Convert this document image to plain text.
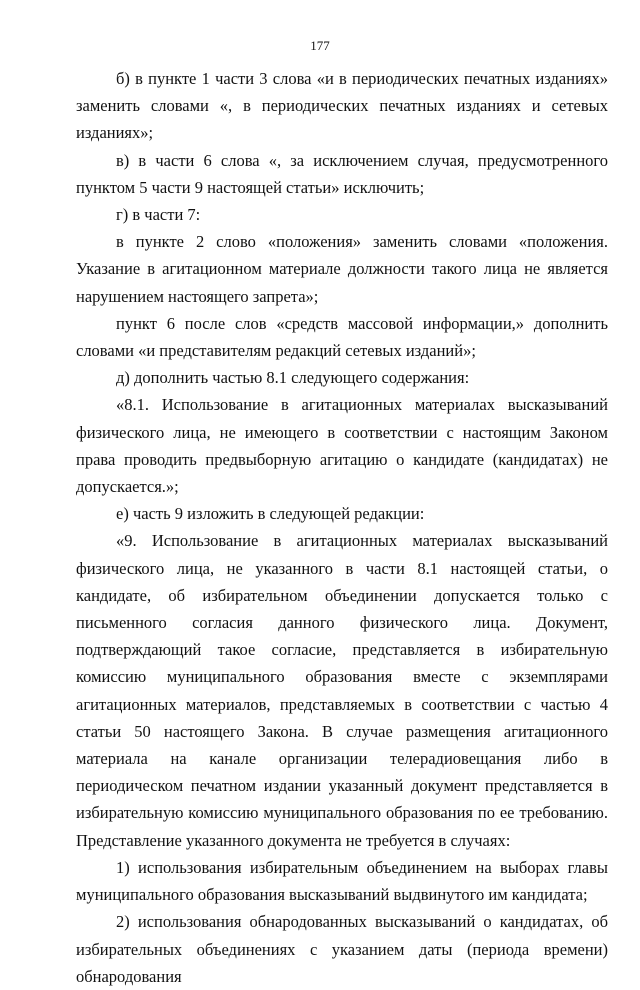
177

б) в пункте 1 части 3 слова «и в периодических печатных изданиях» заменить словами «, в периодических печатных изданиях и сетевых изданиях»;

в) в части 6 слова «, за исключением случая, предусмотренного пунктом 5 части 9 настоящей статьи» исключить;

г) в части 7:

в пункте 2 слово «положения» заменить словами «положения. Указание в агитационном материале должности такого лица не является нарушением настоящего запрета»;

пункт 6 после слов «средств массовой информации,» дополнить словами «и представителям редакций сетевых изданий»;

д) дополнить частью 8.1 следующего содержания:

«8.1. Использование в агитационных материалах высказываний физического лица, не имеющего в соответствии с настоящим Законом права проводить предвыборную агитацию о кандидате (кандидатах) не допускается.»;

е) часть 9 изложить в следующей редакции:

«9. Использование в агитационных материалах высказываний физического лица, не указанного в части 8.1 настоящей статьи, о кандидате, об избирательном объединении допускается только с письменного согласия данного физического лица. Документ, подтверждающий такое согласие, представляется в избирательную комиссию муниципального образования вместе с экземплярами агитационных материалов, представляемых в соответствии с частью 4 статьи 50 настоящего Закона. В случае размещения агитационного материала на канале организации телерадиовещания либо в периодическом печатном издании указанный документ представляется в избирательную комиссию муниципального образования по ее требованию. Представление указанного документа не требуется в случаях:

1) использования избирательным объединением на выборах главы муниципального образования высказываний выдвинутого им кандидата;

2) использования обнародованных высказываний о кандидатах, об избирательных объединениях с указанием даты (периода времени) обнародования
